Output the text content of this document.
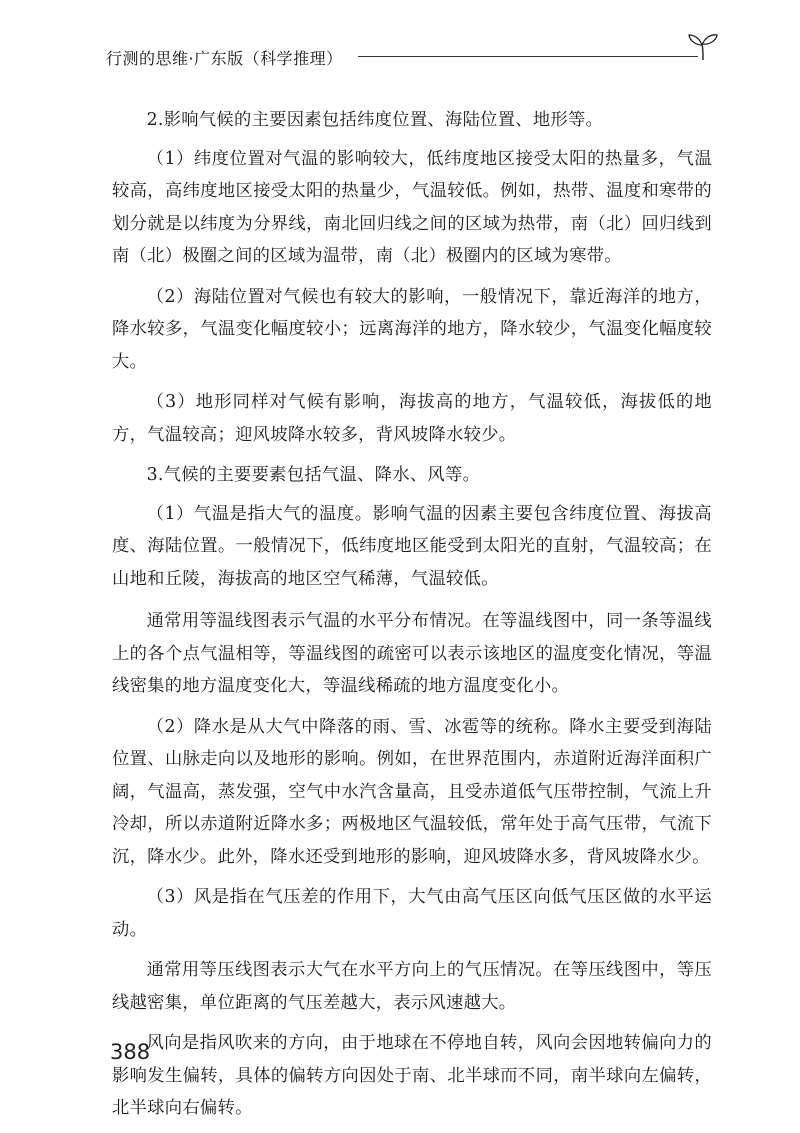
行测的思维·广东版（科学推理）

2.影响气候的主要因素包括纬度位置、海陆位置、地形等。

（1）纬度位置对气温的影响较大，低纬度地区接受太阳的热量多，气温较高，高纬度地区接受太阳的热量少，气温较低。例如，热带、温度和寒带的划分就是以纬度为分界线，南北回归线之间的区域为热带，南（北）回归线到南（北）极圈之间的区域为温带，南（北）极圈内的区域为寒带。

（2）海陆位置对气候也有较大的影响，一般情况下，靠近海洋的地方，降水较多，气温变化幅度较小；远离海洋的地方，降水较少，气温变化幅度较大。

（3）地形同样对气候有影响，海拔高的地方，气温较低，海拔低的地方，气温较高；迎风坡降水较多，背风坡降水较少。

3.气候的主要要素包括气温、降水、风等。

（1）气温是指大气的温度。影响气温的因素主要包含纬度位置、海拔高度、海陆位置。一般情况下，低纬度地区能受到太阳光的直射，气温较高；在山地和丘陵，海拔高的地区空气稀薄，气温较低。

通常用等温线图表示气温的水平分布情况。在等温线图中，同一条等温线上的各个点气温相等，等温线图的疏密可以表示该地区的温度变化情况，等温线密集的地方温度变化大，等温线稀疏的地方温度变化小。

（2）降水是从大气中降落的雨、雪、冰雹等的统称。降水主要受到海陆位置、山脉走向以及地形的影响。例如，在世界范围内，赤道附近海洋面积广阔，气温高，蒸发强，空气中水汽含量高，且受赤道低气压带控制，气流上升冷却，所以赤道附近降水多；两极地区气温较低，常年处于高气压带，气流下沉，降水少。此外，降水还受到地形的影响，迎风坡降水多，背风坡降水少。

（3）风是指在气压差的作用下，大气由高气压区向低气压区做的水平运动。

通常用等压线图表示大气在水平方向上的气压情况。在等压线图中，等压线越密集，单位距离的气压差越大，表示风速越大。

风向是指风吹来的方向，由于地球在不停地自转，风向会因地转偏向力的影响发生偏转，具体的偏转方向因处于南、北半球而不同，南半球向左偏转，北半球向右偏转。

388
